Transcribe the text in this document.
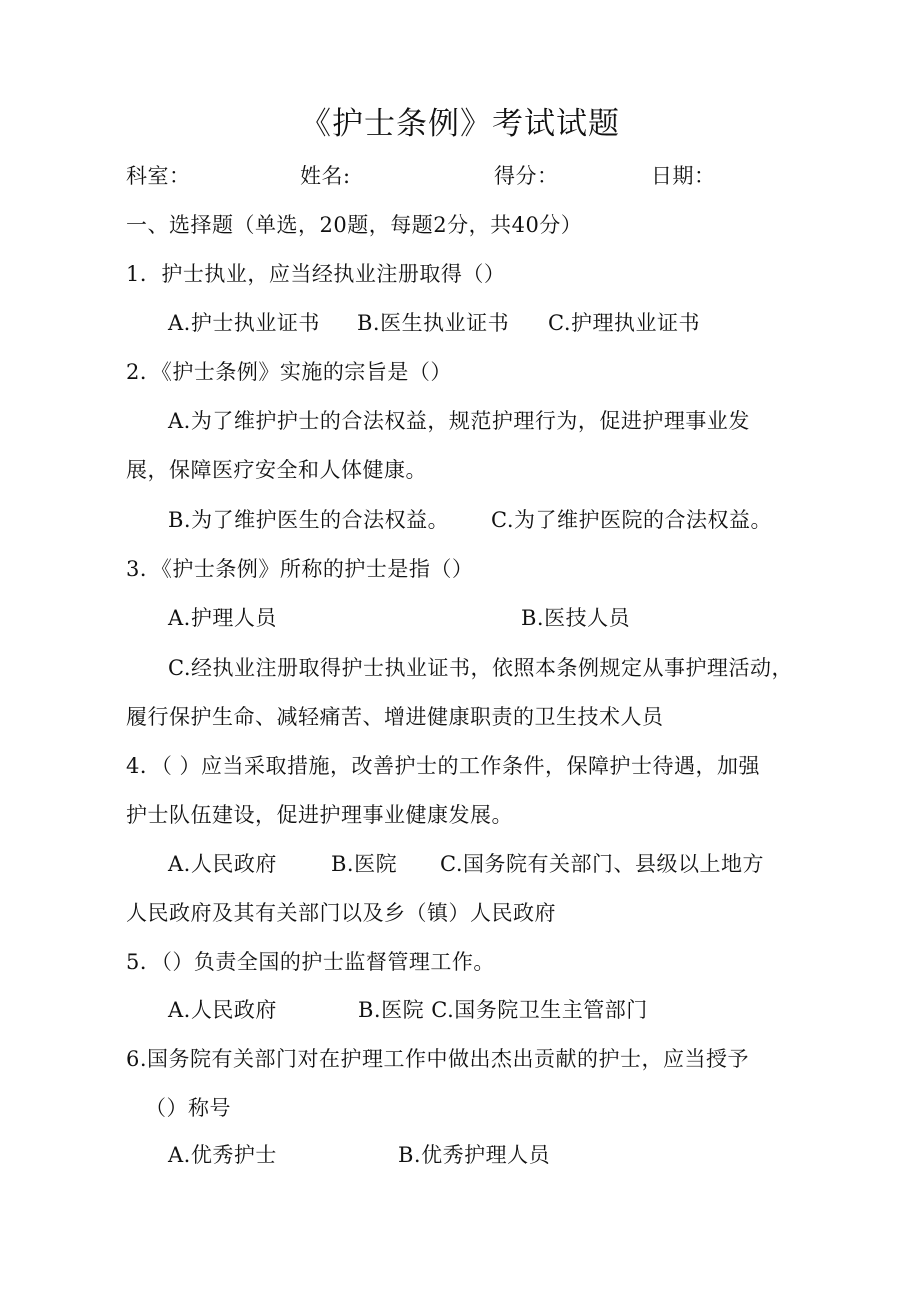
《护士条例》考试试题
科室：	姓名:	得分：	日期：
一、选择题（单选，20题，每题2分，共40分）
1．护士执业，应当经执业注册取得（）
A.护士执业证书 B.医生执业证书 C.护理执业证书
2．《护士条例》实施的宗旨是（）
A.为了维护护士的合法权益，规范护理行为，促进护理事业发
展，保障医疗安全和人体健康。
B.为了维护医生的合法权益。 C.为了维护医院的合法权益。
3．《护士条例》所称的护士是指（）
A.护理人员	B.医技人员
C.经执业注册取得护士执业证书，依照本条例规定从事护理活动，
履行保护生命、减轻痛苦、增进健康职责的卫生技术人员
4．（ ）应当采取措施，改善护士的工作条件，保障护士待遇，加强
护士队伍建设，促进护理事业健康发展。
A.人民政府	B.医院 C.国务院有关部门、县级以上地方
人民政府及其有关部门以及乡（镇）人民政府
5．（）负责全国的护士监督管理工作。
A.人民政府	B.医院 C.国务院卫生主管部门
6.国务院有关部门对在护理工作中做出杰出贡献的护士，应当授予
（）称号
A.优秀护士	B.优秀护理人员
